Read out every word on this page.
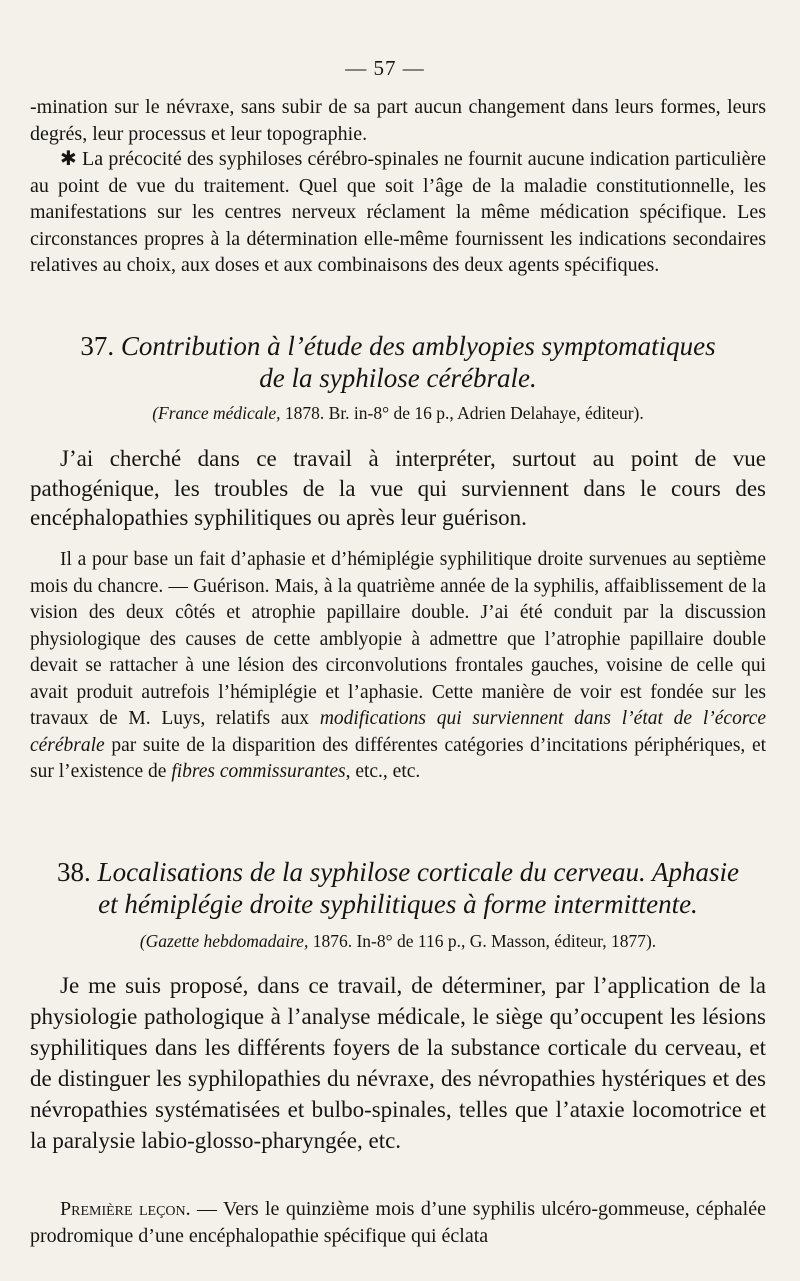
— 57 —
-mination sur le névraxe, sans subir de sa part aucun changement dans leurs formes, leurs degrés, leur processus et leur topographie.
✱ La précocité des syphiloses cérébro-spinales ne fournit aucune indication particulière au point de vue du traitement. Quel que soit l’âge de la maladie constitutionnelle, les manifestations sur les centres nerveux réclament la même médication spécifique. Les circonstances propres à la détermination elle-même fournissent les indications secondaires relatives au choix, aux doses et aux combinaisons des deux agents spécifiques.
37. Contribution à l’étude des amblyopies symptomatiques
de la syphilose cérébrale.
(France médicale, 1878. Br. in-8° de 16 p., Adrien Delahaye, éditeur).
J’ai cherché dans ce travail à interpréter, surtout au point de vue pathogénique, les troubles de la vue qui surviennent dans le cours des encéphalopathies syphilitiques ou après leur guérison.
Il a pour base un fait d’aphasie et d’hémiplégie syphilitique droite survenues au septième mois du chancre. — Guérison. Mais, à la quatrième année de la syphilis, affaiblissement de la vision des deux côtés et atrophie papillaire double. J’ai été conduit par la discussion physiologique des causes de cette amblyopie à admettre que l’atrophie papillaire double devait se rattacher à une lésion des circonvolutions frontales gauches, voisine de celle qui avait produit autrefois l’hémiplégie et l’aphasie. Cette manière de voir est fondée sur les travaux de M. Luys, relatifs aux modifications qui surviennent dans l’état de l’écorce cérébrale par suite de la disparition des différentes catégories d’incitations périphériques, et sur l’existence de fibres commissurantes, etc., etc.
38. Localisations de la syphilose corticale du cerveau. Aphasie
et hémiplégie droite syphilitiques à forme intermittente.
(Gazette hebdomadaire, 1876. In-8° de 116 p., G. Masson, éditeur, 1877).
Je me suis proposé, dans ce travail, de déterminer, par l’application de la physiologie pathologique à l’analyse médicale, le siège qu’occupent les lésions syphilitiques dans les différents foyers de la substance corticale du cerveau, et de distinguer les syphilopathies du névraxe, des névropathies hystériques et des névropathies systématisées et bulbo-spinales, telles que l’ataxie locomotrice et la paralysie labio-glosso-pharyngée, etc.
Première leçon. — Vers le quinzième mois d’une syphilis ulcéro-gommeuse, céphalée prodromique d’une encéphalopathie spécifique qui éclata
